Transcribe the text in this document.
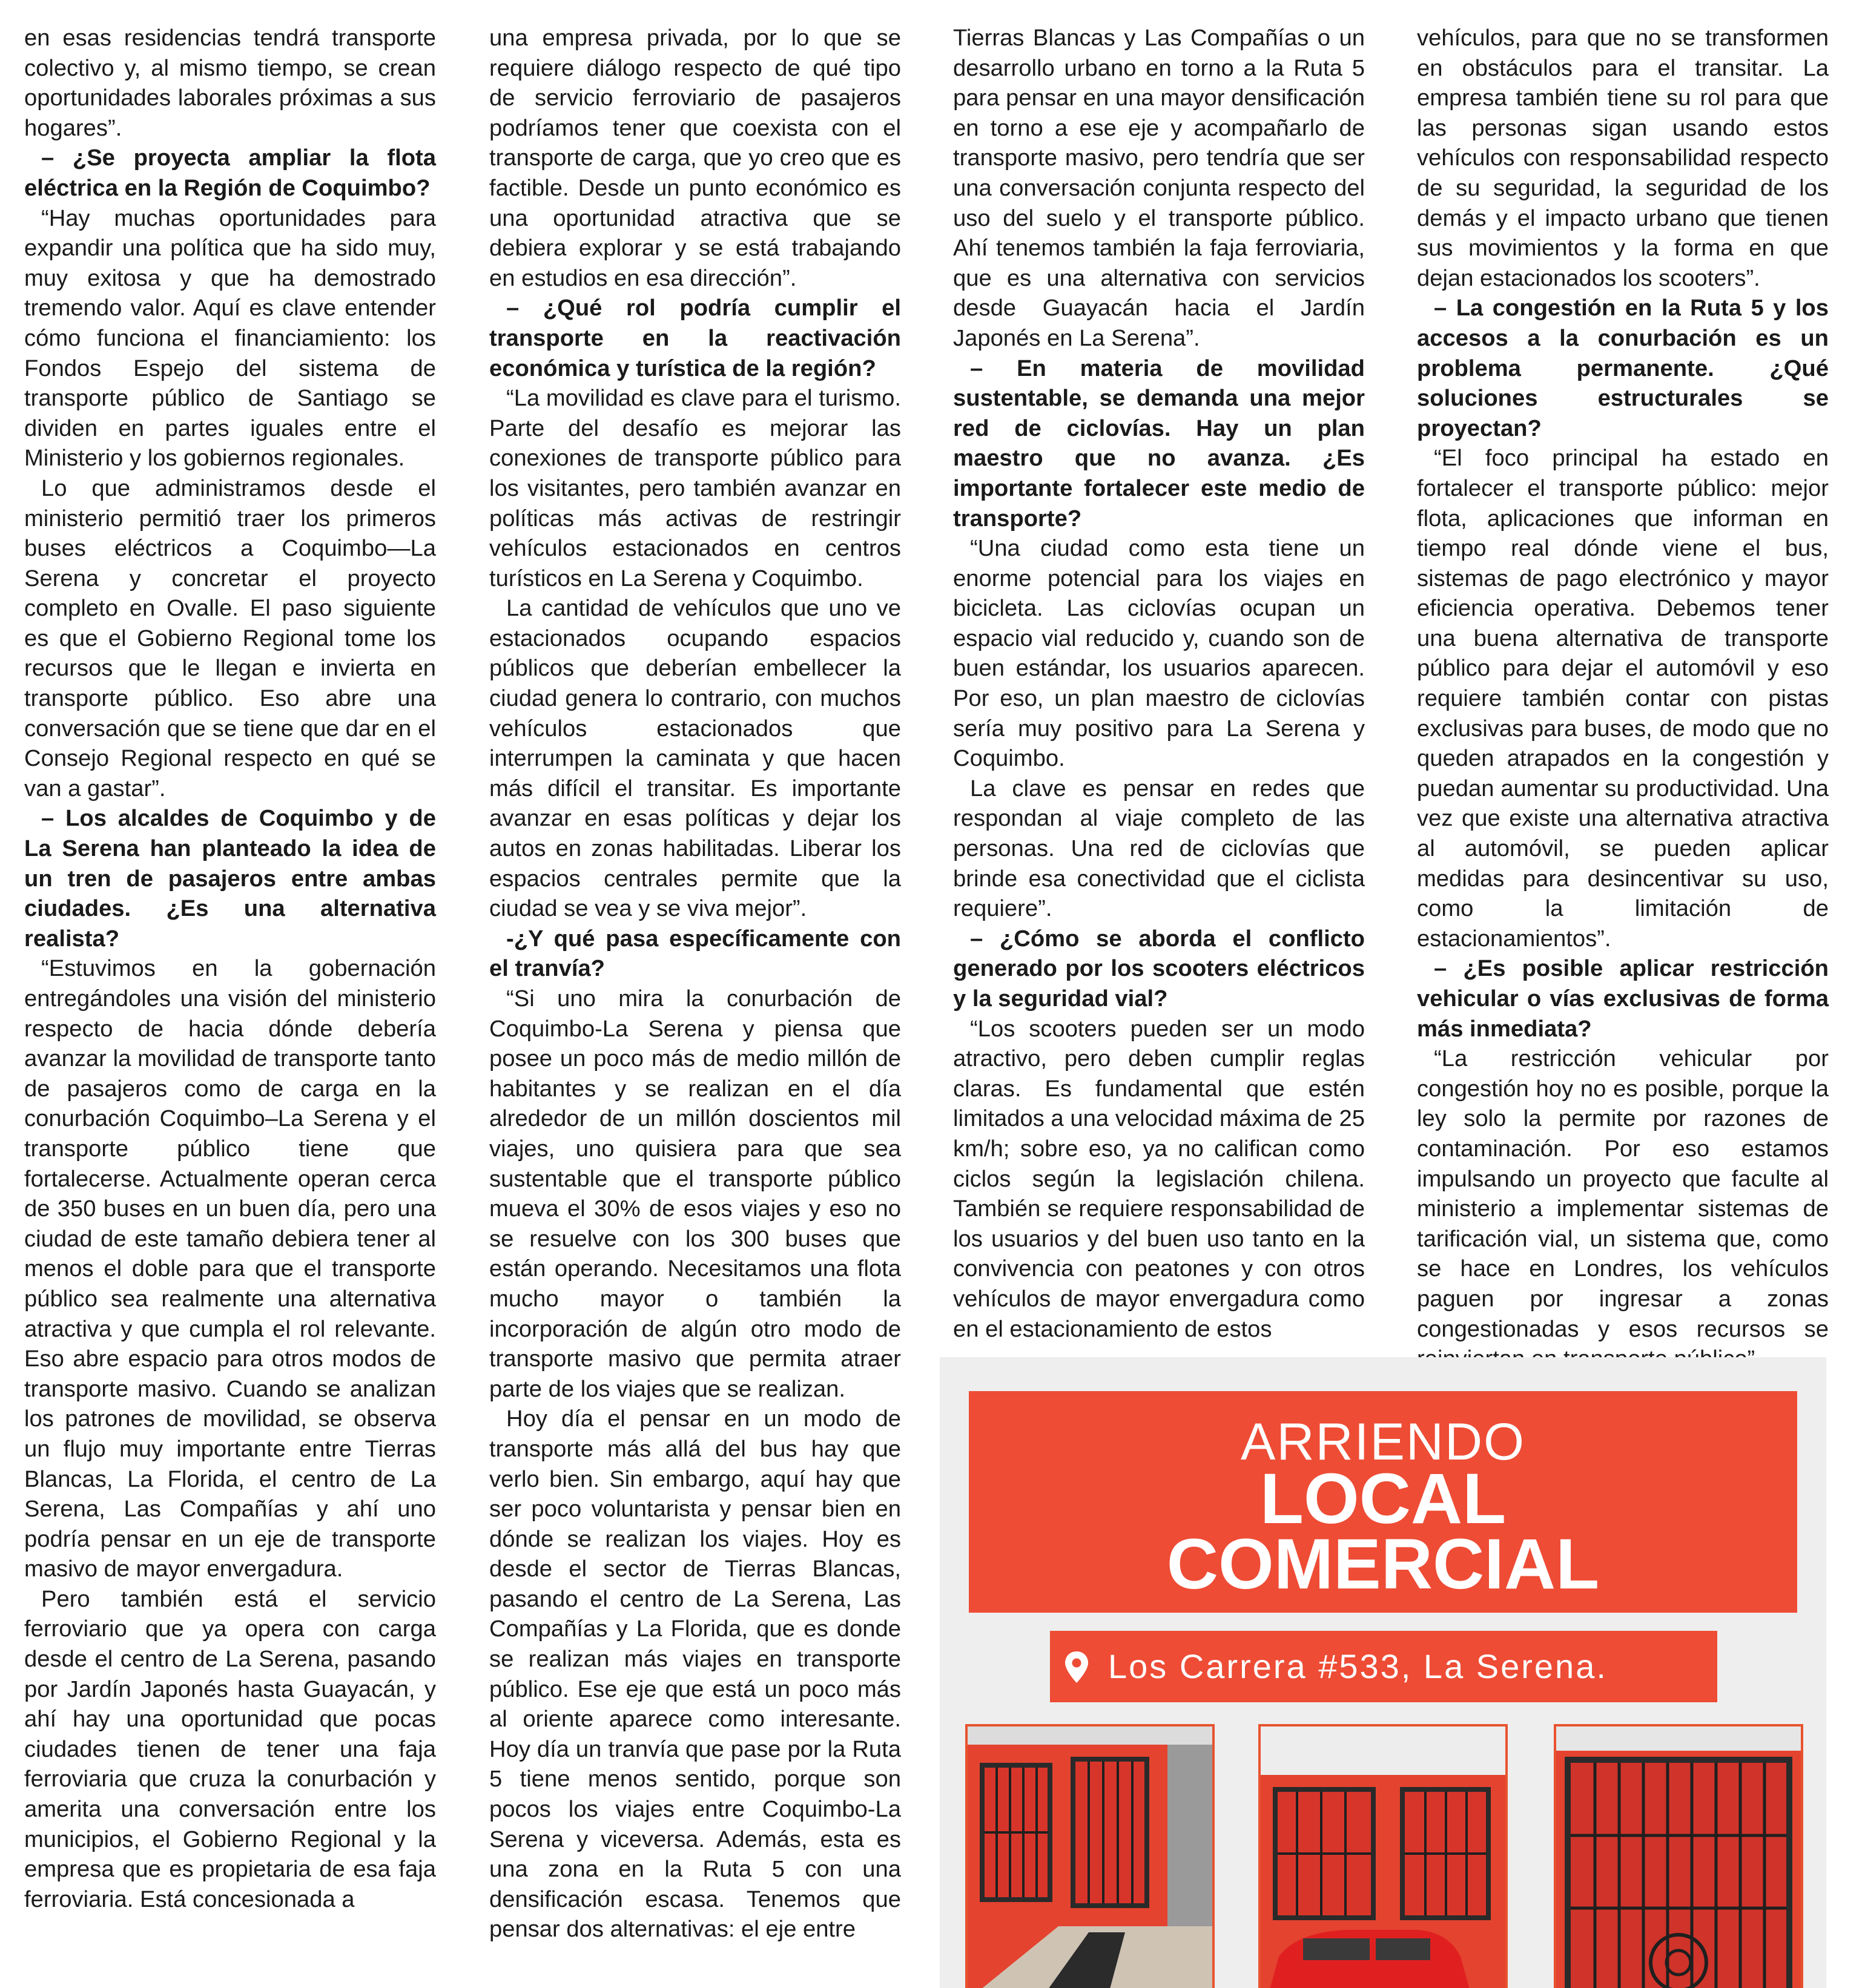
en esas residencias tendrá transporte colectivo y, al mismo tiempo, se crean oportunidades laborales próximas a sus hogares”.

– ¿Se proyecta ampliar la flota eléctrica en la Región de Coquimbo?

“Hay muchas oportunidades para expandir una política que ha sido muy, muy exitosa y que ha demostrado tremendo valor. Aquí es clave entender cómo funciona el financiamiento: los Fondos Espejo del sistema de transporte público de Santiago se dividen en partes iguales entre el Ministerio y los gobiernos regionales.

Lo que administramos desde el ministerio permitió traer los primeros buses eléctricos a Coquimbo—La Serena y concretar el proyecto completo en Ovalle. El paso siguiente es que el Gobierno Regional tome los recursos que le llegan e invierta en transporte público. Eso abre una conversación que se tiene que dar en el Consejo Regional respecto en qué se van a gastar”.

– Los alcaldes de Coquimbo y de La Serena han planteado la idea de un tren de pasajeros entre ambas ciudades. ¿Es una alternativa realista?

“Estuvimos en la gobernación entregándoles una visión del ministerio respecto de hacia dónde debería avanzar la movilidad de transporte tanto de pasajeros como de carga en la conurbación Coquimbo–La Serena y el transporte público tiene que fortalecerse. Actualmente operan cerca de 350 buses en un buen día, pero una ciudad de este tamaño debiera tener al menos el doble para que el transporte público sea realmente una alternativa atractiva y que cumpla el rol relevante. Eso abre espacio para otros modos de transporte masivo. Cuando se analizan los patrones de movilidad, se observa un flujo muy importante entre Tierras Blancas, La Florida, el centro de La Serena, Las Compañías y ahí uno podría pensar en un eje de transporte masivo de mayor envergadura.

Pero también está el servicio ferroviario que ya opera con carga desde el centro de La Serena, pasando por Jardín Japonés hasta Guayacán, y ahí hay una oportunidad que pocas ciudades tienen de tener una faja ferroviaria que cruza la conurbación y amerita una conversación entre los municipios, el Gobierno Regional y la empresa que es propietaria de esa faja ferroviaria. Está concesionada a

una empresa privada, por lo que se requiere diálogo respecto de qué tipo de servicio ferroviario de pasajeros podríamos tener que coexista con el transporte de carga, que yo creo que es factible. Desde un punto económico es una oportunidad atractiva que se debiera explorar y se está trabajando en estudios en esa dirección”.

– ¿Qué rol podría cumplir el transporte en la reactivación económica y turística de la región?

“La movilidad es clave para el turismo. Parte del desafío es mejorar las conexiones de transporte público para los visitantes, pero también avanzar en políticas más activas de restringir vehículos estacionados en centros turísticos en La Serena y Coquimbo.

La cantidad de vehículos que uno ve estacionados ocupando espacios públicos que deberían embellecer la ciudad genera lo contrario, con muchos vehículos estacionados que interrumpen la caminata y que hacen más difícil el transitar. Es importante avanzar en esas políticas y dejar los autos en zonas habilitadas. Liberar los espacios centrales permite que la ciudad se vea y se viva mejor”.

-¿Y qué pasa específicamente con el tranvía?

“Si uno mira la conurbación de Coquimbo-La Serena y piensa que posee un poco más de medio millón de habitantes y se realizan en el día alrededor de un millón doscientos mil viajes, uno quisiera para que sea sustentable que el transporte público mueva el 30% de esos viajes y eso no se resuelve con los 300 buses que están operando. Necesitamos una flota mucho mayor o también la incorporación de algún otro modo de transporte masivo que permita atraer parte de los viajes que se realizan.

Hoy día el pensar en un modo de transporte más allá del bus hay que verlo bien. Sin embargo, aquí hay que ser poco voluntarista y pensar bien en dónde se realizan los viajes. Hoy es desde el sector de Tierras Blancas, pasando el centro de La Serena, Las Compañías y La Florida, que es donde se realizan más viajes en transporte público. Ese eje que está un poco más al oriente aparece como interesante. Hoy día un tranvía que pase por la Ruta 5 tiene menos sentido, porque son pocos los viajes entre Coquimbo-La Serena y viceversa. Además, esta es una zona en la Ruta 5 con una densificación escasa. Tenemos que pensar dos alternativas: el eje entre

Tierras Blancas y Las Compañías o un desarrollo urbano en torno a la Ruta 5 para pensar en una mayor densificación en torno a ese eje y acompañarlo de transporte masivo, pero tendría que ser una conversación conjunta respecto del uso del suelo y el transporte público. Ahí tenemos también la faja ferroviaria, que es una alternativa con servicios desde Guayacán hacia el Jardín Japonés en La Serena”.

– En materia de movilidad sustentable, se demanda una mejor red de ciclovías. Hay un plan maestro que no avanza. ¿Es importante fortalecer este medio de transporte?

“Una ciudad como esta tiene un enorme potencial para los viajes en bicicleta. Las ciclovías ocupan un espacio vial reducido y, cuando son de buen estándar, los usuarios aparecen. Por eso, un plan maestro de ciclovías sería muy positivo para La Serena y Coquimbo.

La clave es pensar en redes que respondan al viaje completo de las personas. Una red de ciclovías que brinde esa conectividad que el ciclista requiere”.

– ¿Cómo se aborda el conflicto generado por los scooters eléctricos y la seguridad vial?

“Los scooters pueden ser un modo atractivo, pero deben cumplir reglas claras. Es fundamental que estén limitados a una velocidad máxima de 25 km/h; sobre eso, ya no califican como ciclos según la legislación chilena. También se requiere responsabilidad de los usuarios y del buen uso tanto en la convivencia con peatones y con otros vehículos de mayor envergadura como en el estacionamiento de estos

vehículos, para que no se transformen en obstáculos para el transitar. La empresa también tiene su rol para que las personas sigan usando estos vehículos con responsabilidad respecto de su seguridad, la seguridad de los demás y el impacto urbano que tienen sus movimientos y la forma en que dejan estacionados los scooters”.

– La congestión en la Ruta 5 y los accesos a la conurbación es un problema permanente. ¿Qué soluciones estructurales se proyectan?

“El foco principal ha estado en fortalecer el transporte público: mejor flota, aplicaciones que informan en tiempo real dónde viene el bus, sistemas de pago electrónico y mayor eficiencia operativa. Debemos tener una buena alternativa de transporte público para dejar el automóvil y eso requiere también contar con pistas exclusivas para buses, de modo que no queden atrapados en la congestión y puedan aumentar su productividad. Una vez que existe una alternativa atractiva al automóvil, se pueden aplicar medidas para desincentivar su uso, como la limitación de estacionamientos”.

– ¿Es posible aplicar restricción vehicular o vías exclusivas de forma más inmediata?

“La restricción vehicular por congestión hoy no es posible, porque la ley solo la permite por razones de contaminación. Por eso estamos impulsando un proyecto que faculte al ministerio a implementar sistemas de tarificación vial, un sistema que, como se hace en Londres, los vehículos paguen por ingresar a zonas congestionadas y esos recursos se

ARRIENDO
LOCAL
COMERCIAL
Los Carrera #533, La Serena.
